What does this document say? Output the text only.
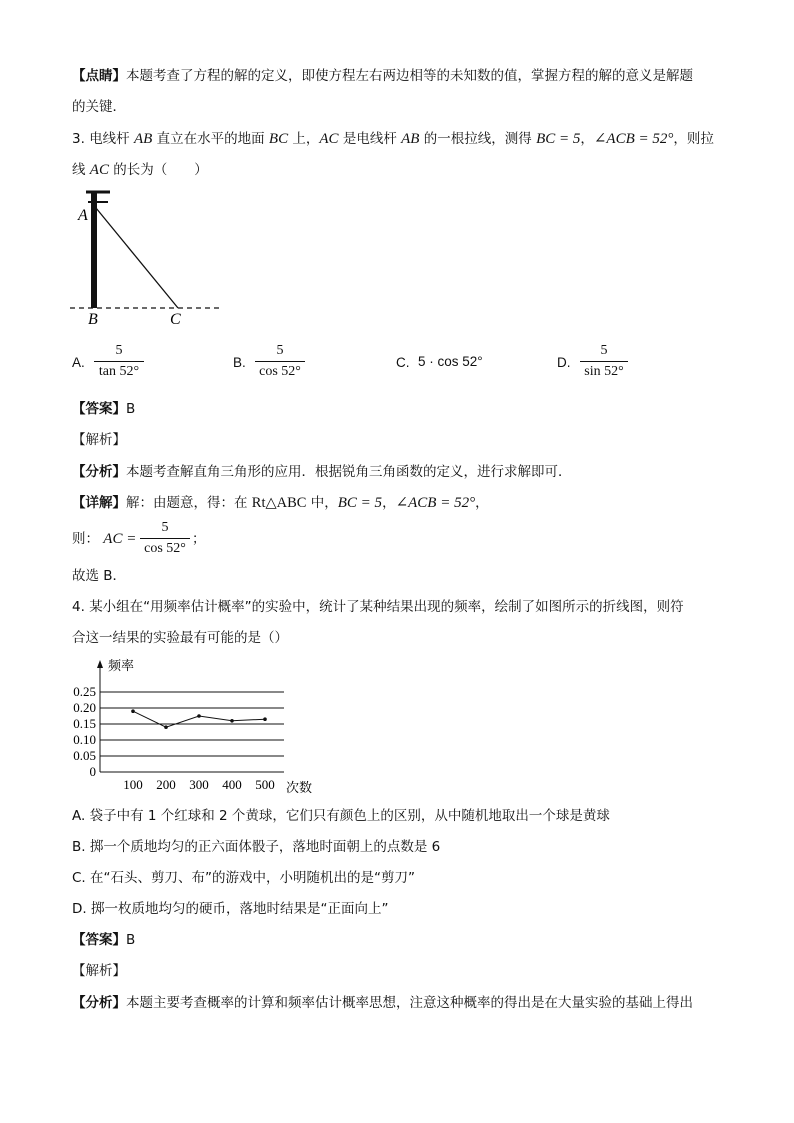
【点睛】本题考查了方程的解的定义，即使方程左右两边相等的未知数的值，掌握方程的解的意义是解题
的关键．
3. 电线杆 AB 直立在水平的地面 BC 上，AC 是电线杆 AB 的一根拉线，测得 BC = 5，∠ACB = 52°，则拉
线 AC 的长为（　　）
A
B	C
A.
5
tan 52°
B.
5
cos 52°
C. 5 · cos 52°	D.
5
sin 52°
【答案】B
【解析】
【分析】本题考查解直角三角形的应用．根据锐角三角函数的定义，进行求解即可．
【详解】解：由题意，得：在 Rt△ABC 中，BC = 5，∠ACB = 52°，
则： AC =
5
cos 52°
；
故选 B．
4. 某小组在“用频率估计概率”的实验中，统计了某种结果出现的频率，绘制了如图所示的折线图，则符
合这一结果的实验最有可能的是（）
0
0.05
0.10
0.15
0.20
0.25
100 200 300 400 500
频率
次数
A. 袋子中有 1 个红球和 2 个黄球，它们只有颜色上的区别，从中随机地取出一个球是黄球
B. 掷一个质地均匀的正六面体骰子，落地时面朝上的点数是 6
C. 在“石头、剪刀、布”的游戏中，小明随机出的是“剪刀”
D. 掷一枚质地均匀的硬币，落地时结果是“正面向上”
【答案】B
【解析】
【分析】本题主要考查概率的计算和频率估计概率思想，注意这种概率的得出是在大量实验的基础上得出
